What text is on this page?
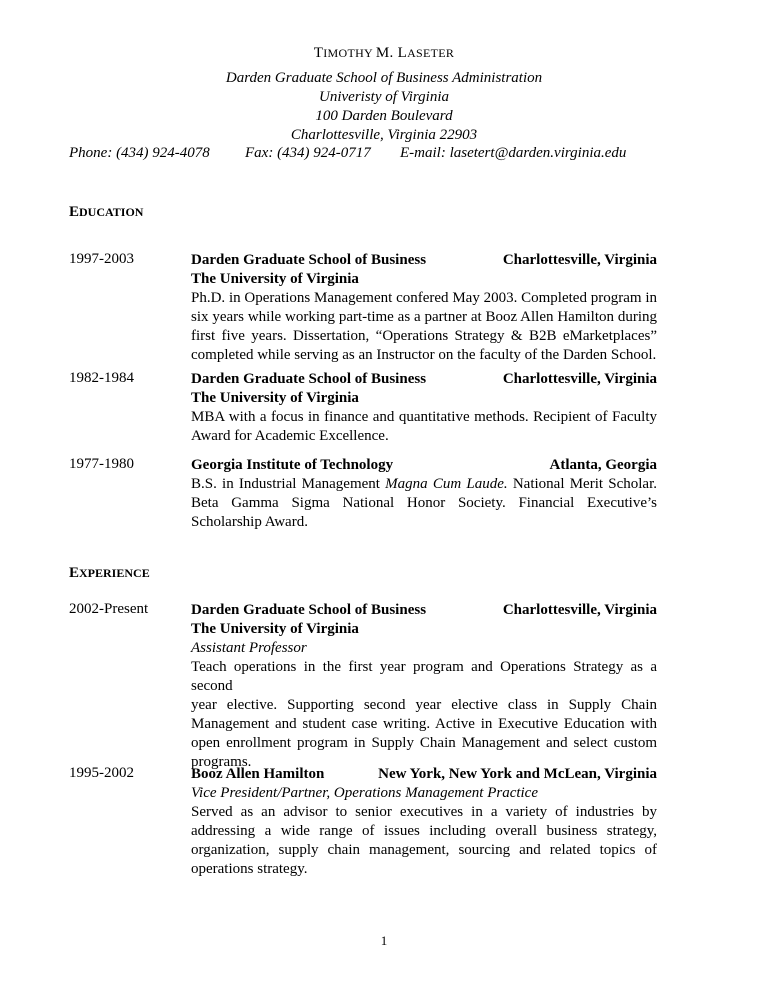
TIMOTHY M. LASETER
Darden Graduate School of Business Administration
Univeristy of Virginia
100 Darden Boulevard
Charlottesville, Virginia 22903
Phone: (434) 924-4078 Fax: (434) 924-0717 E-mail: lasetert@darden.virginia.edu
EDUCATION
1997-2003	Darden Graduate School of Business	Charlottesville, Virginia
The University of Virginia
Ph.D. in Operations Management confered May 2003. Completed program in
six years while working part-time as a partner at Booz Allen Hamilton during
first five years. Dissertation, “Operations Strategy & B2B eMarketplaces”
completed while serving as an Instructor on the faculty of the Darden School.
1982-1984	Darden Graduate School of Business	Charlottesville, Virginia
The University of Virginia
MBA with a focus in finance and quantitative methods. Recipient of Faculty
Award for Academic Excellence.
1977-1980	Georgia Institute of Technology	Atlanta, Georgia
B.S. in Industrial Management Magna Cum Laude. National Merit Scholar.
Beta Gamma Sigma National Honor Society. Financial Executive’s
Scholarship Award.
EXPERIENCE
2002-Present	Darden Graduate School of Business	Charlottesville, Virginia
The University of Virginia
Assistant Professor
Teach operations in the first year program and Operations Strategy as a second
year elective. Supporting second year elective class in Supply Chain
Management and student case writing. Active in Executive Education with
open enrollment program in Supply Chain Management and select custom
programs.
1995-2002	Booz Allen Hamilton	New York, New York and McLean, Virginia
Vice President/Partner, Operations Management Practice
Served as an advisor to senior executives in a variety of industries by
addressing a wide range of issues including overall business strategy,
organization, supply chain management, sourcing and related topics of
operations strategy.
1
